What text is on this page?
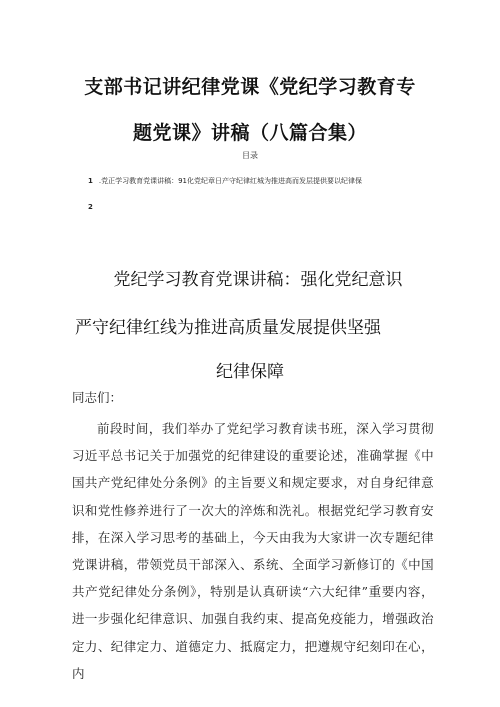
支部书记讲纪律党课《党纪学习教育专
题党课》讲稿（八篇合集）
目录
1 .党正学习教育党课讲稿：91化党纪章日产守纪律红城为推进高而发层提供要以纪律保
2
党纪学习教育党课讲稿：强化党纪意识
严守纪律红线为推进高质量发展提供坚强
纪律保障
同志们：
前段时间，我们举办了党纪学习教育读书班，深入学习贯彻习近平总书记关于加强党的纪律建设的重要论述，准确掌握《中国共产党纪律处分条例》的主旨要义和规定要求，对自身纪律意识和党性修养进行了一次大的淬炼和洗礼。根据党纪学习教育安排，在深入学习思考的基础上，今天由我为大家讲一次专题纪律党课讲稿，带领党员干部深入、系统、全面学习新修订的《中国共产党纪律处分条例》，特别是认真研读“六大纪律”重要内容，进一步强化纪律意识、加强自我约束、提高免疫能力，增强政治定力、纪律定力、道德定力、抵腐定力，把遵规守纪刻印在心，内
